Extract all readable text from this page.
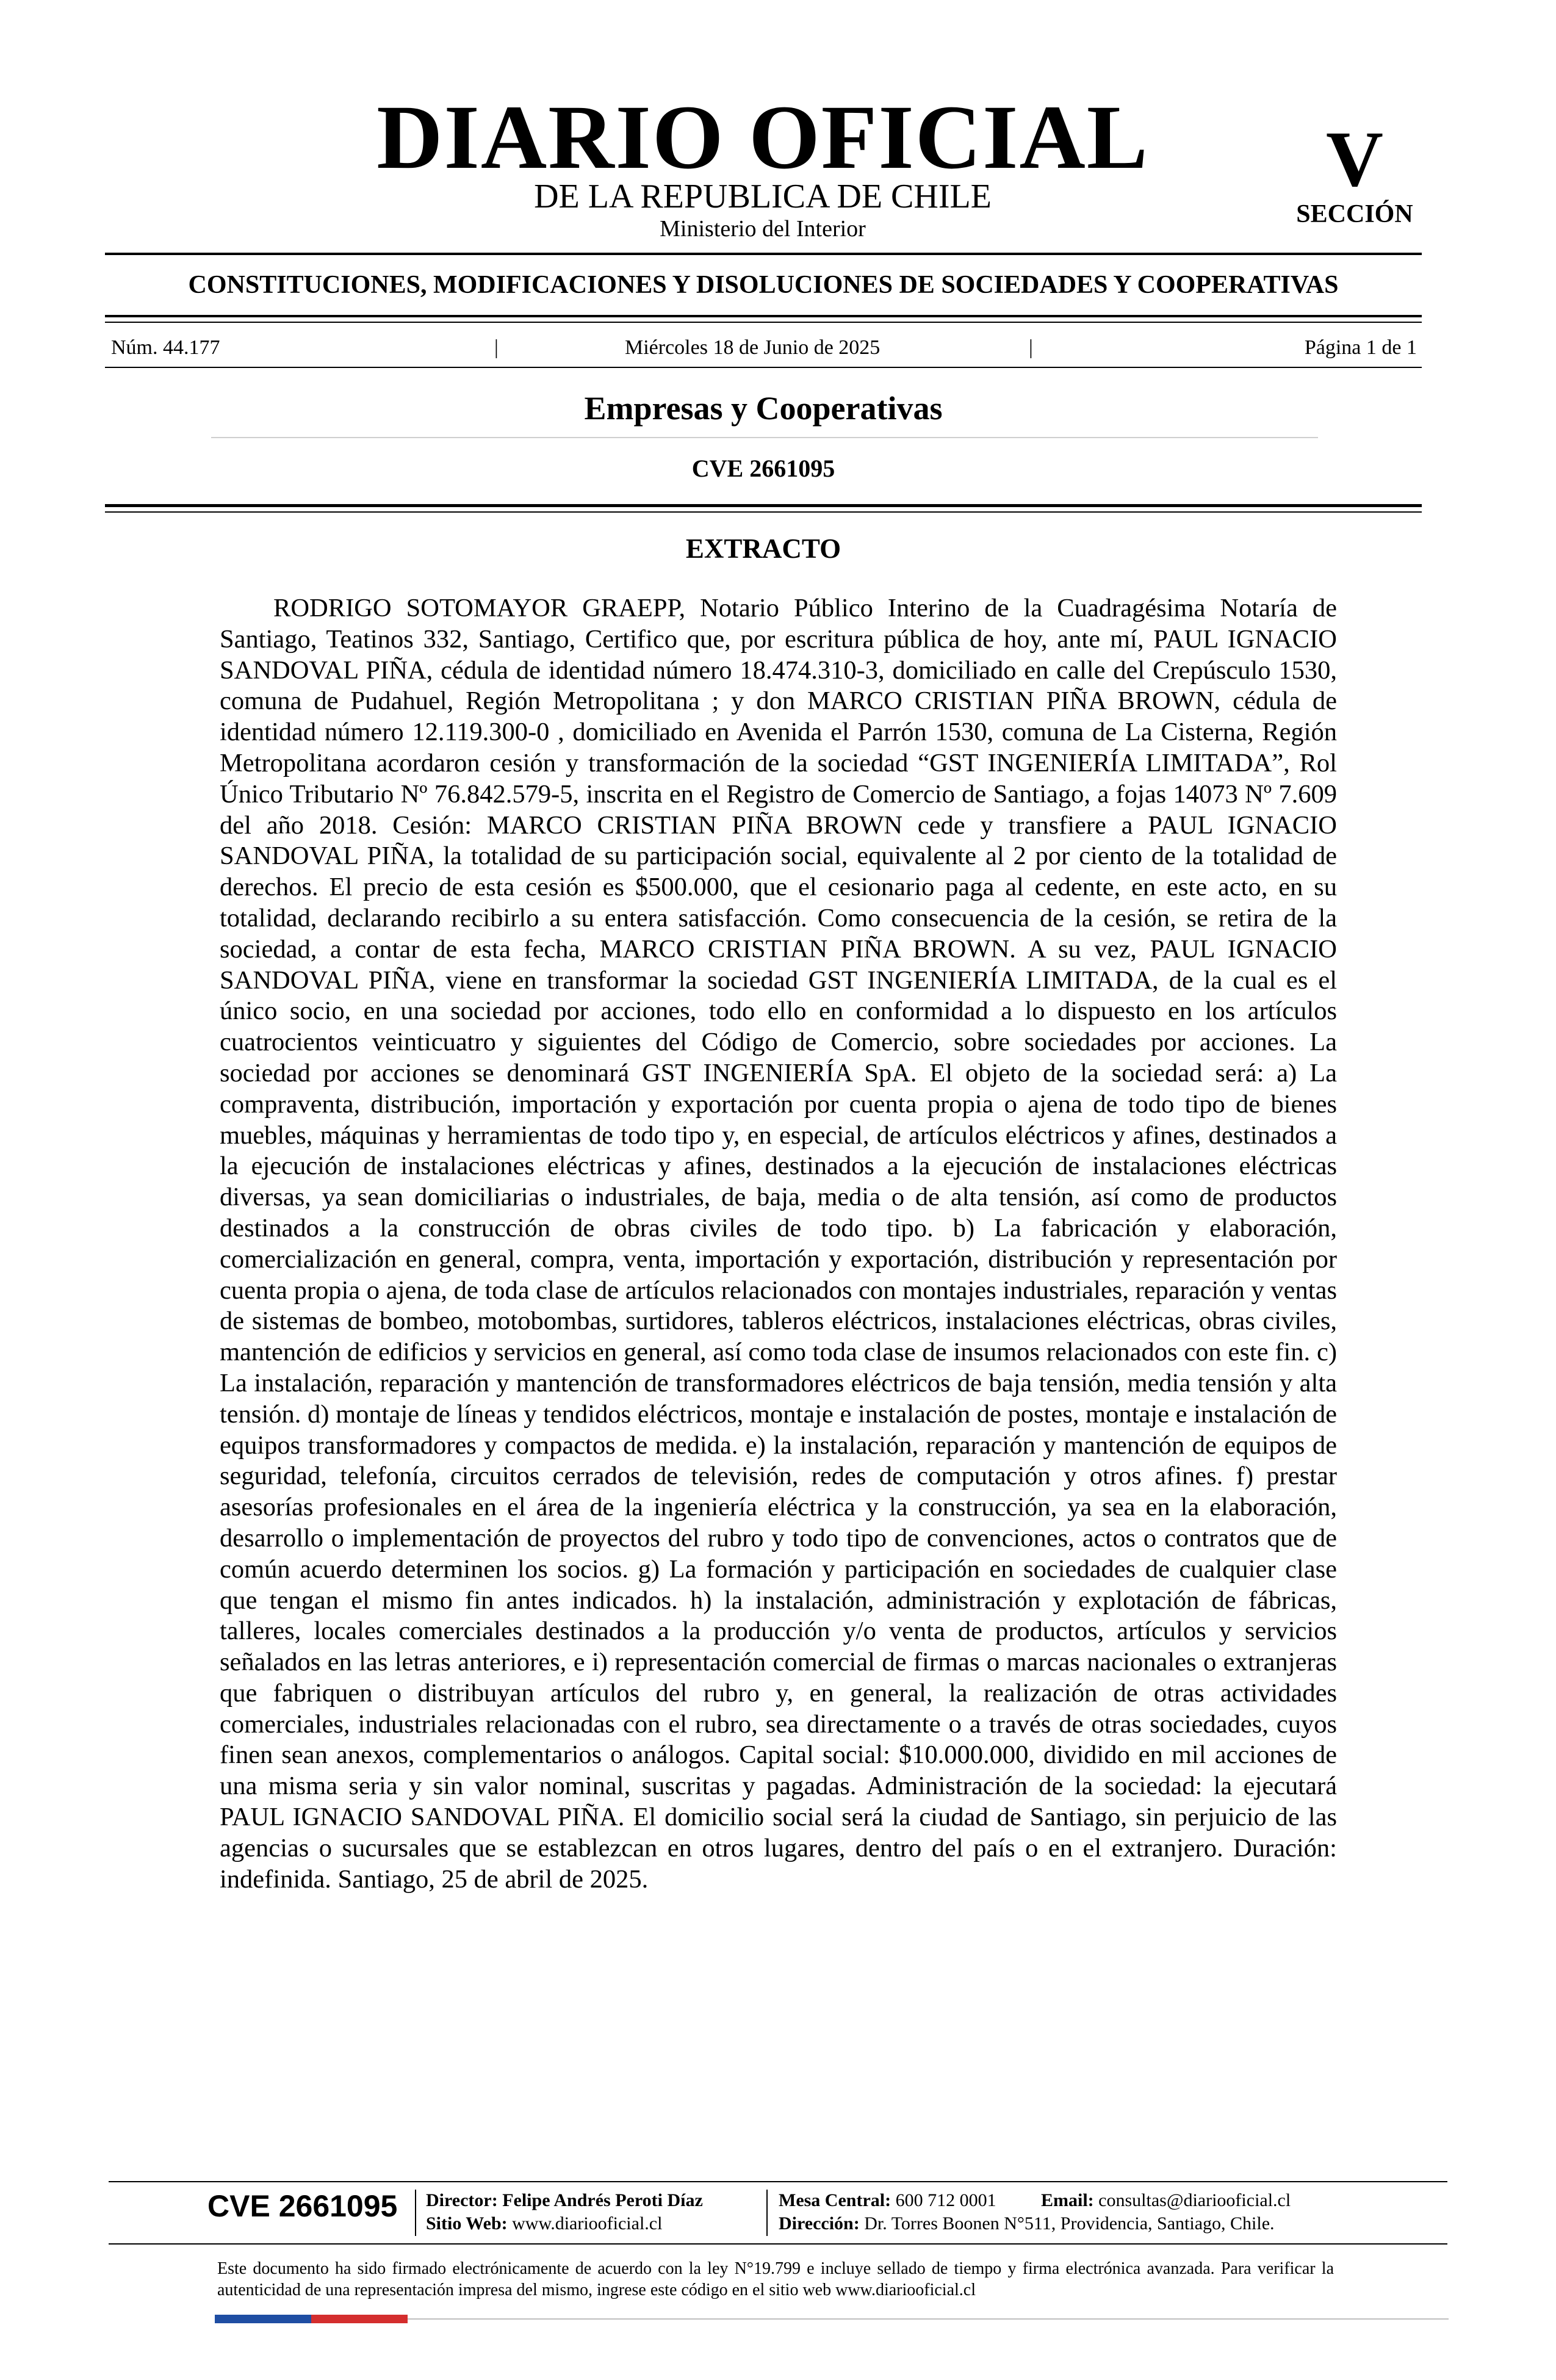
DIARIO OFICIAL
DE LA REPUBLICA DE CHILE
Ministerio del Interior
V
SECCIÓN
CONSTITUCIONES, MODIFICACIONES Y DISOLUCIONES DE SOCIEDADES Y COOPERATIVAS
Núm. 44.177	|	Miércoles 18 de Junio de 2025	|	Página 1 de 1
Empresas y Cooperativas
CVE 2661095
EXTRACTO

RODRIGO SOTOMAYOR GRAEPP, Notario Público Interino de la Cuadragésima Notaría de Santiago, Teatinos 332, Santiago, Certifico que, por escritura pública de hoy, ante mí, PAUL IGNACIO SANDOVAL PIÑA, cédula de identidad número 18.474.310-3, domiciliado en calle del Crepúsculo 1530, comuna de Pudahuel, Región Metropolitana ; y don MARCO CRISTIAN PIÑA BROWN, cédula de identidad número 12.119.300-0 , domiciliado en Avenida el Parrón 1530, comuna de La Cisterna, Región Metropolitana acordaron cesión y transformación de la sociedad “GST INGENIERÍA LIMITADA”, Rol Único Tributario Nº 76.842.579-5, inscrita en el Registro de Comercio de Santiago, a fojas 14073 Nº 7.609 del año 2018. Cesión: MARCO CRISTIAN PIÑA BROWN cede y transfiere a PAUL IGNACIO SANDOVAL PIÑA, la totalidad de su participación social, equivalente al 2 por ciento de la totalidad de derechos. El precio de esta cesión es $500.000, que el cesionario paga al cedente, en este acto, en su totalidad, declarando recibirlo a su entera satisfacción. Como consecuencia de la cesión, se retira de la sociedad, a contar de esta fecha, MARCO CRISTIAN PIÑA BROWN. A su vez, PAUL IGNACIO SANDOVAL PIÑA, viene en transformar la sociedad GST INGENIERÍA LIMITADA, de la cual es el único socio, en una sociedad por acciones, todo ello en conformidad a lo dispuesto en los artículos cuatrocientos veinticuatro y siguientes del Código de Comercio, sobre sociedades por acciones. La sociedad por acciones se denominará GST INGENIERÍA SpA. El objeto de la sociedad será: a) La compraventa, distribución, importación y exportación por cuenta propia o ajena de todo tipo de bienes muebles, máquinas y herramientas de todo tipo y, en especial, de artículos eléctricos y afines, destinados a la ejecución de instalaciones eléctricas y afines, destinados a la ejecución de instalaciones eléctricas diversas, ya sean domiciliarias o industriales, de baja, media o de alta tensión, así como de productos destinados a la construcción de obras civiles de todo tipo. b) La fabricación y elaboración, comercialización en general, compra, venta, importación y exportación, distribución y representación por cuenta propia o ajena, de toda clase de artículos relacionados con montajes industriales, reparación y ventas de sistemas de bombeo, motobombas, surtidores, tableros eléctricos, instalaciones eléctricas, obras civiles, mantención de edificios y servicios en general, así como toda clase de insumos relacionados con este fin. c) La instalación, reparación y mantención de transformadores eléctricos de baja tensión, media tensión y alta tensión. d) montaje de líneas y tendidos eléctricos, montaje e instalación de postes, montaje e instalación de equipos transformadores y compactos de medida. e) la instalación, reparación y mantención de equipos de seguridad, telefonía, circuitos cerrados de televisión, redes de computación y otros afines. f) prestar asesorías profesionales en el área de la ingeniería eléctrica y la construcción, ya sea en la elaboración, desarrollo o implementación de proyectos del rubro y todo tipo de convenciones, actos o contratos que de común acuerdo determinen los socios. g) La formación y participación en sociedades de cualquier clase que tengan el mismo fin antes indicados. h) la instalación, administración y explotación de fábricas, talleres, locales comerciales destinados a la producción y/o venta de productos, artículos y servicios señalados en las letras anteriores, e i) representación comercial de firmas o marcas nacionales o extranjeras que fabriquen o distribuyan artículos del rubro y, en general, la realización de otras actividades comerciales, industriales relacionadas con el rubro, sea directamente o a través de otras sociedades, cuyos finen sean anexos, complementarios o análogos. Capital social: $10.000.000, dividido en mil acciones de una misma seria y sin valor nominal, suscritas y pagadas. Administración de la sociedad: la ejecutará PAUL IGNACIO SANDOVAL PIÑA. El domicilio social será la ciudad de Santiago, sin perjuicio de las agencias o sucursales que se establezcan en otros lugares, dentro del país o en el extranjero. Duración: indefinida. Santiago, 25 de abril de 2025.

CVE 2661095	Director: Felipe Andrés Peroti Díaz
Sitio Web: www.diariooficial.cl
Mesa Central: 600 712 0001 Email: consultas@diariooficial.cl
Dirección: Dr. Torres Boonen N°511, Providencia, Santiago, Chile.

Este documento ha sido firmado electrónicamente de acuerdo con la ley N°19.799 e incluye sellado de tiempo y firma electrónica avanzada. Para verificar la autenticidad de una representación impresa del mismo, ingrese este código en el sitio web www.diariooficial.cl
